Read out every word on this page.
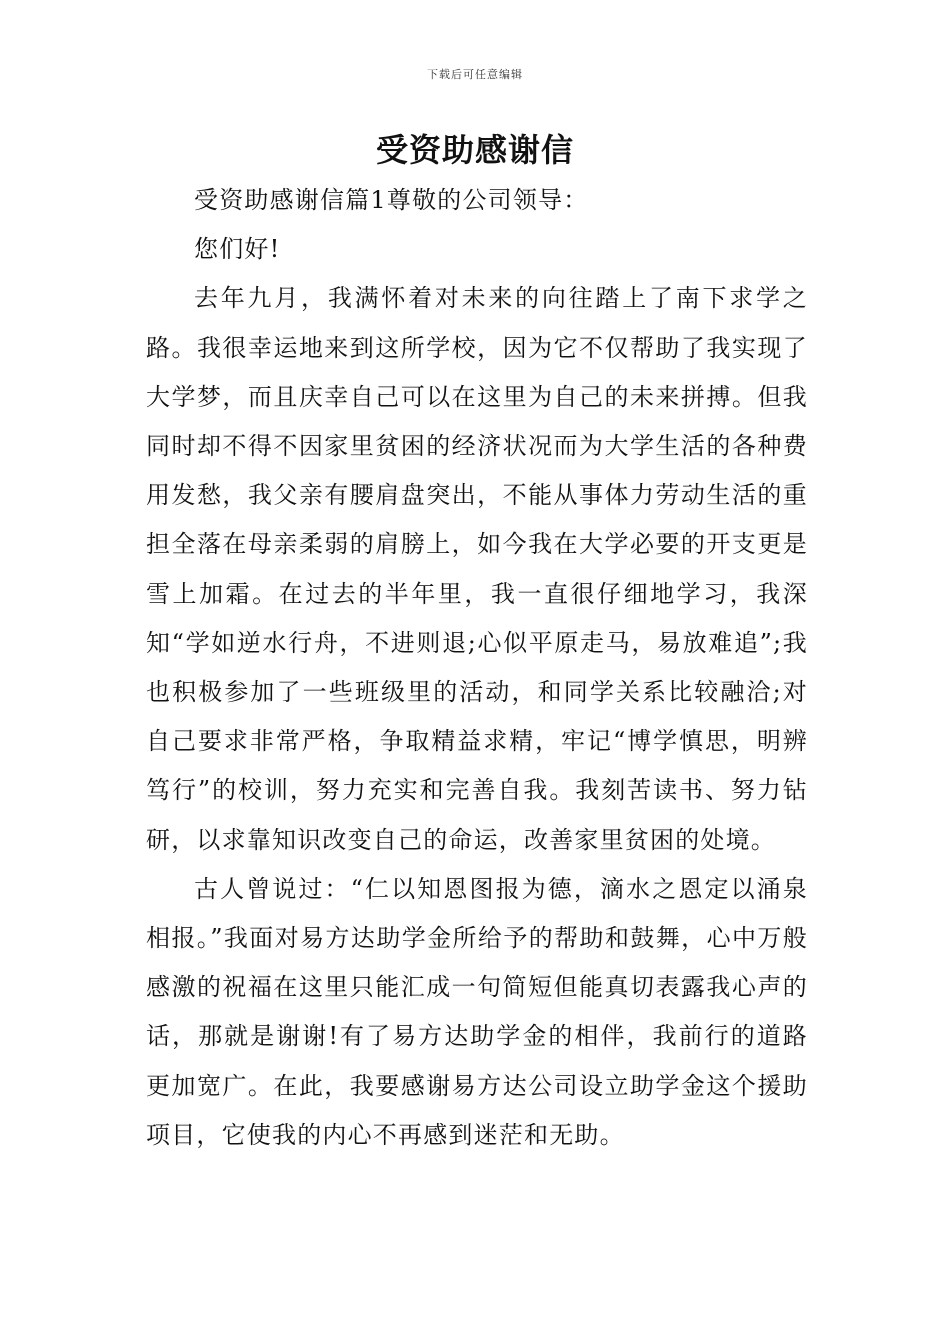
下载后可任意编辑
受资助感谢信

受资助感谢信篇1尊敬的公司领导：

您们好!

去年九月，我满怀着对未来的向往踏上了南下求学之路。我很幸运地来到这所学校，因为它不仅帮助了我实现了大学梦，而且庆幸自己可以在这里为自己的未来拼搏。但我同时却不得不因家里贫困的经济状况而为大学生活的各种费用发愁，我父亲有腰肩盘突出，不能从事体力劳动生活的重担全落在母亲柔弱的肩膀上，如今我在大学必要的开支更是雪上加霜。在过去的半年里，我一直很仔细地学习，我深知“学如逆水行舟，不进则退;心似平原走马，易放难追”;我也积极参加了一些班级里的活动，和同学关系比较融洽;对自己要求非常严格，争取精益求精，牢记“博学慎思，明辨笃行”的校训，努力充实和完善自我。我刻苦读书、努力钻研，以求靠知识改变自己的命运，改善家里贫困的处境。

古人曾说过：“仁以知恩图报为德，滴水之恩定以涌泉相报。”我面对易方达助学金所给予的帮助和鼓舞，心中万般感激的祝福在这里只能汇成一句简短但能真切表露我心声的话，那就是谢谢!有了易方达助学金的相伴，我前行的道路更加宽广。在此，我要感谢易方达公司设立助学金这个援助项目，它使我的内心不再感到迷茫和无助。
